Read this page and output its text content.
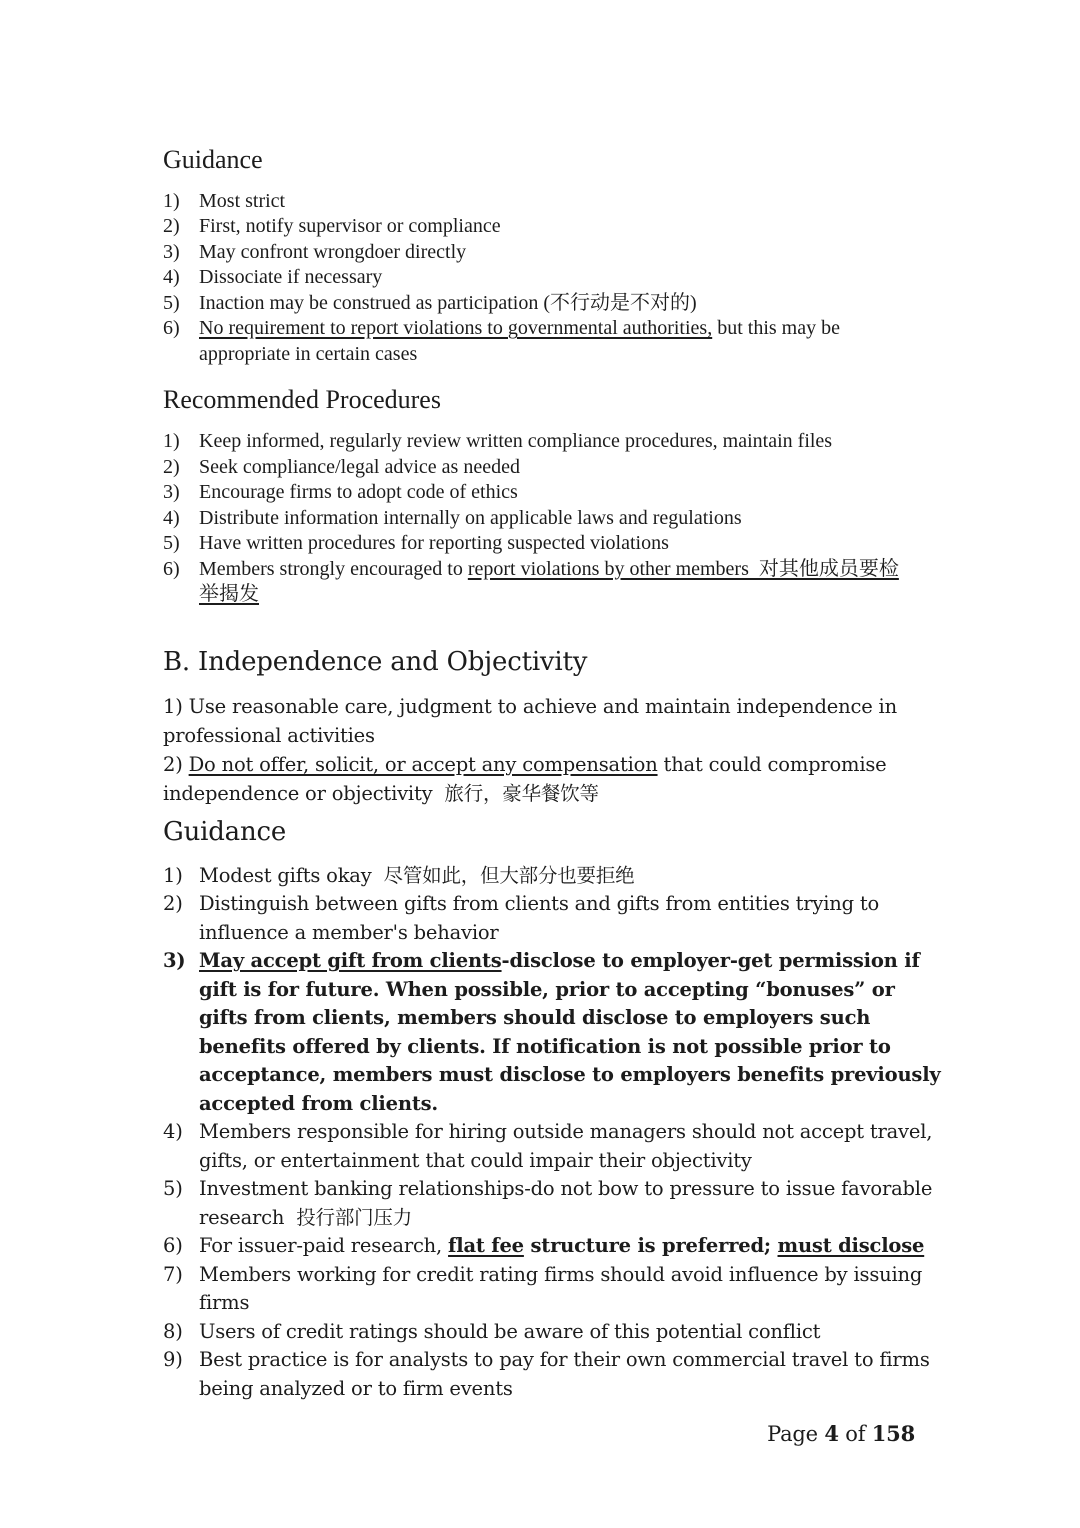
Guidance
1) Most strict
2) First, notify supervisor or compliance
3) May confront wrongdoer directly
4) Dissociate if necessary
5) Inaction may be construed as participation (不行动是不对的)
6) No requirement to report violations to governmental authorities, but this may be appropriate in certain cases
Recommended Procedures
1) Keep informed, regularly review written compliance procedures, maintain files
2) Seek compliance/legal advice as needed
3) Encourage firms to adopt code of ethics
4) Distribute information internally on applicable laws and regulations
5) Have written procedures for reporting suspected violations
6) Members strongly encouraged to report violations by other members  对其他成员要检举揭发
B. Independence and Objectivity
1) Use reasonable care, judgment to achieve and maintain independence in professional activities
2) Do not offer, solicit, or accept any compensation that could compromise independence or objectivity  旅行，豪华餐饮等
Guidance
1) Modest gifts okay  尽管如此，但大部分也要拒绝
2) Distinguish between gifts from clients and gifts from entities trying to influence a member's behavior
3) May accept gift from clients-disclose to employer-get permission if gift is for future. When possible, prior to accepting “bonuses” or gifts from clients, members should disclose to employers such benefits offered by clients. If notification is not possible prior to acceptance, members must disclose to employers benefits previously accepted from clients.
4) Members responsible for hiring outside managers should not accept travel, gifts, or entertainment that could impair their objectivity
5) Investment banking relationships-do not bow to pressure to issue favorable research  投行部门压力
6) For issuer-paid research, flat fee structure is preferred; must disclose
7) Members working for credit rating firms should avoid influence by issuing firms
8) Users of credit ratings should be aware of this potential conflict
9) Best practice is for analysts to pay for their own commercial travel to firms being analyzed or to firm events
Page 4 of 158
